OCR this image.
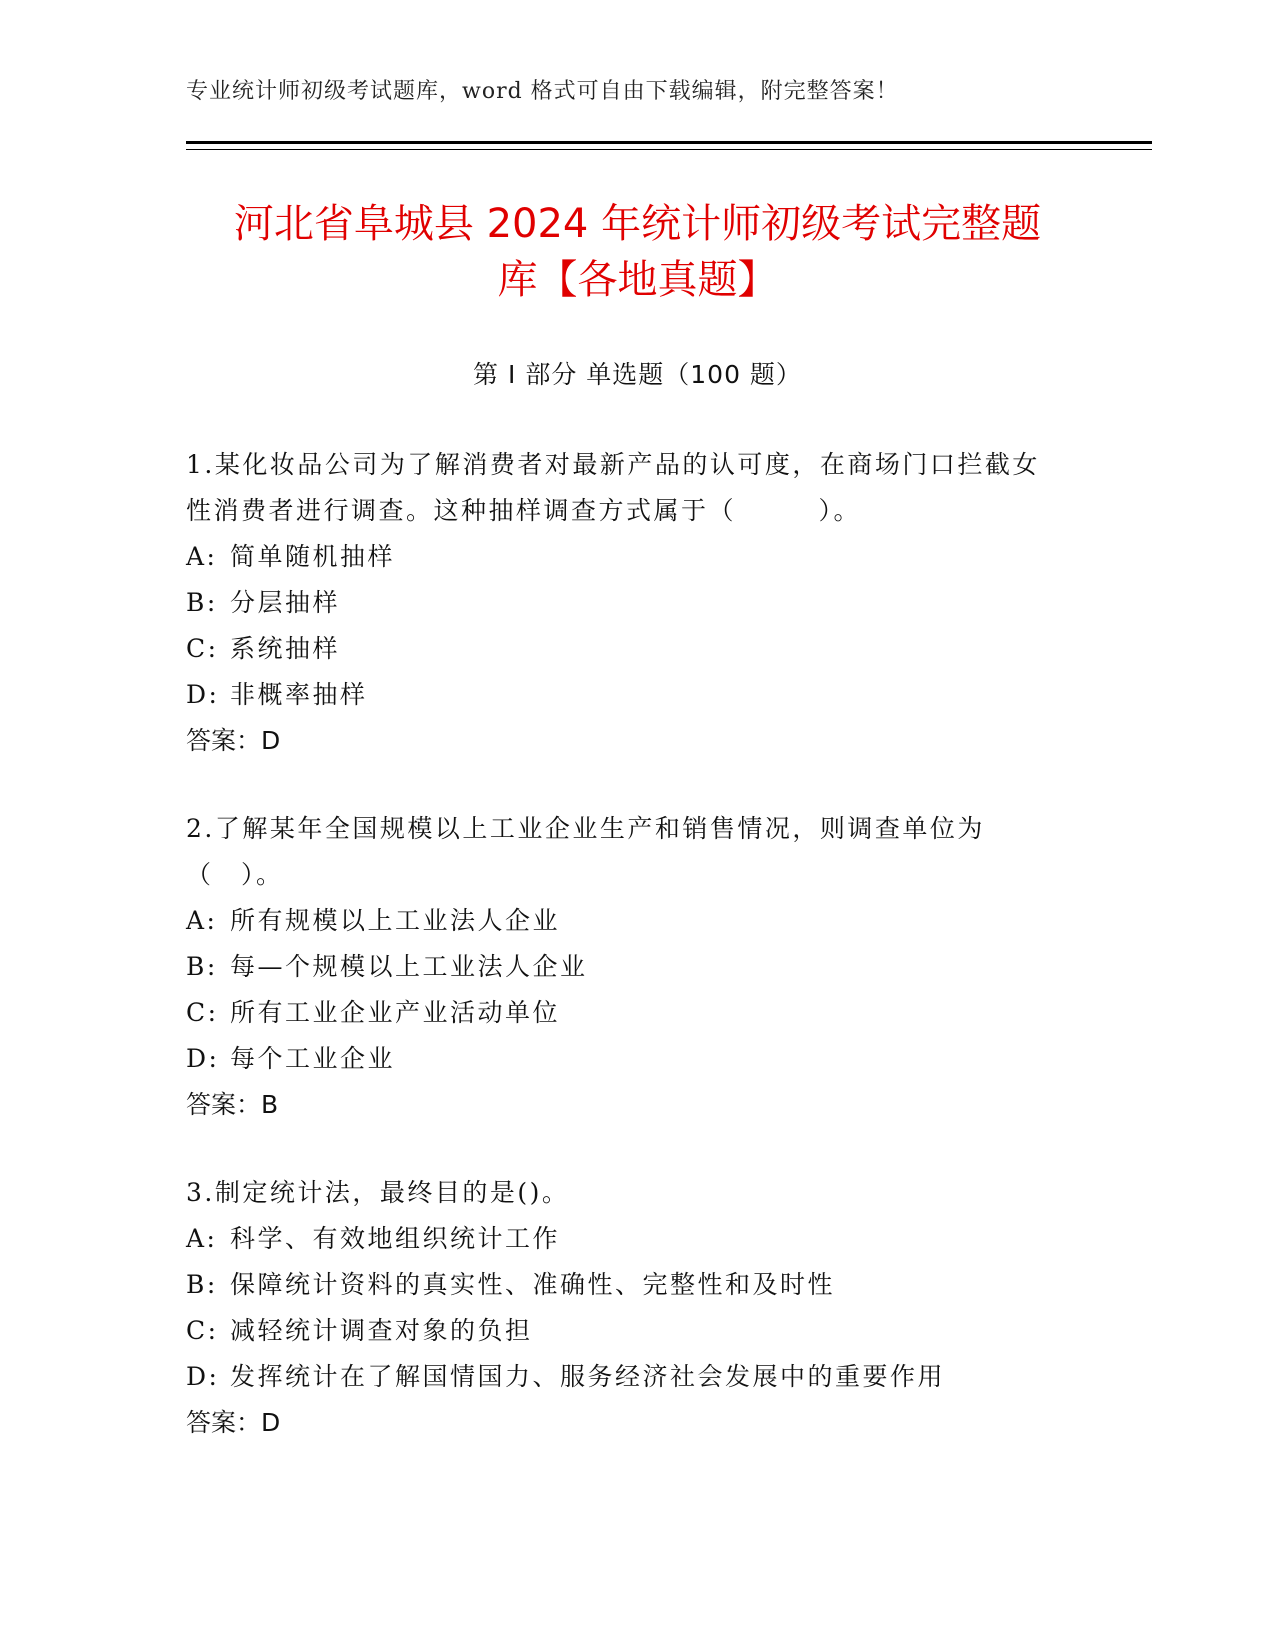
专业统计师初级考试题库，word 格式可自由下载编辑，附完整答案！
河北省阜城县 2024 年统计师初级考试完整题
库【各地真题】
第 I 部分 单选题（100 题）

1.某化妆品公司为了解消费者对最新产品的认可度，在商场门口拦截女性消费者进行调查。这种抽样调查方式属于（　　　）。

A: 简单随机抽样

B: 分层抽样

C: 系统抽样

D: 非概率抽样

答案：D

2.了解某年全国规模以上工业企业生产和销售情况，则调查单位为（　）。

A: 所有规模以上工业法人企业

B: 每—个规模以上工业法人企业

C: 所有工业企业产业活动单位

D: 每个工业企业

答案：B

3.制定统计法，最终目的是()。

A: 科学、有效地组织统计工作

B: 保障统计资料的真实性、准确性、完整性和及时性

C: 减轻统计调查对象的负担

D: 发挥统计在了解国情国力、服务经济社会发展中的重要作用

答案：D
